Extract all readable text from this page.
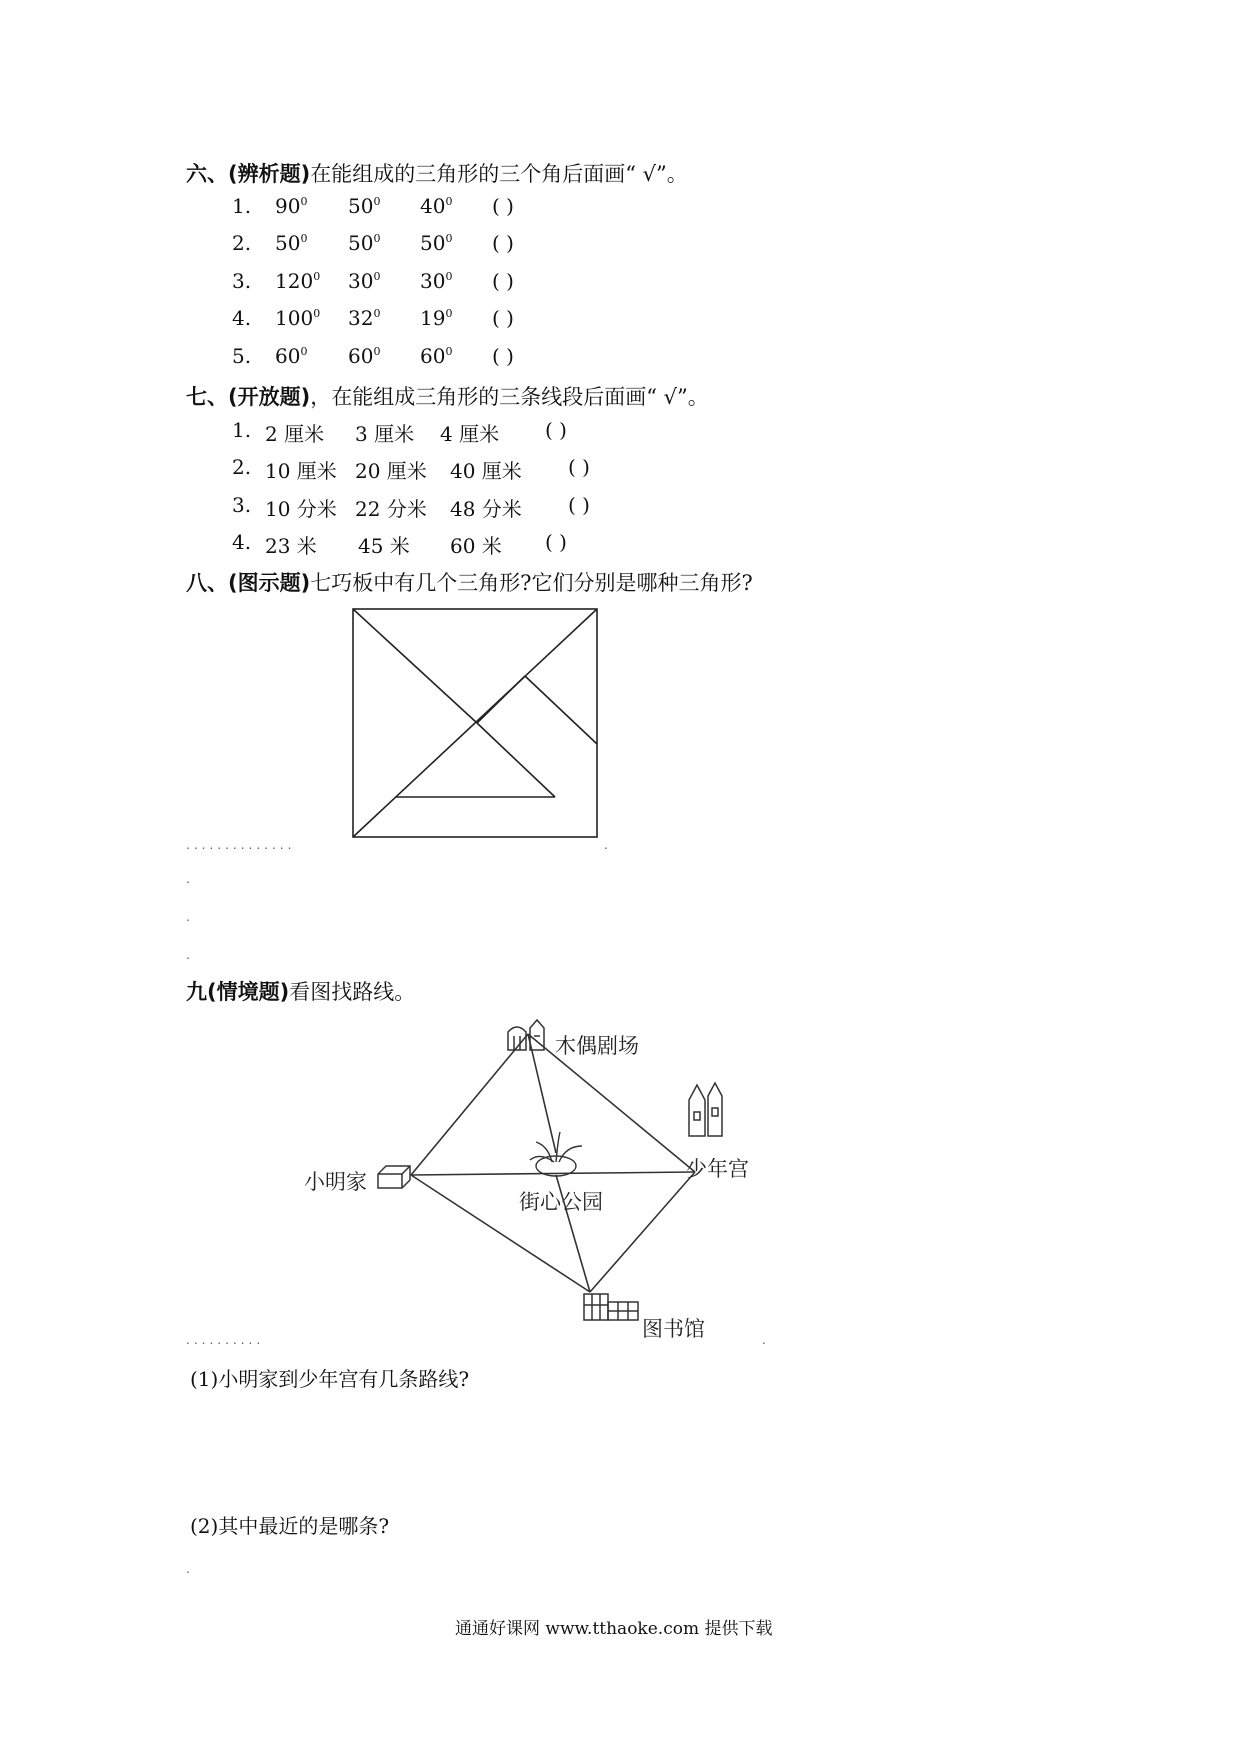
六、(辨析题)在能组成的三角形的三个角后面画“ √”。
1. $90^0$ $50^0$ $40^0$ ( )
2. $50^0$ $50^0$ $50^0$ ( )
3. $120^0$ $30^0$ $30^0$ ( )
4. $100^0$ $32^0$ $19^0$ ( )
5. $60^0$ $60^0$ $60^0$ ( )
七、(开放题)，在能组成三角形的三条线段后面画“ √”。
1. 2 厘米 3 厘米 4 厘米 ( )
2. 10 厘米 20 厘米 40 厘米 ( )
3. 10 分米 22 分米 48 分米 ( )
4. 23 米 45 米 60 米 ( )
八、(图示题)七巧板中有几个三角形?它们分别是哪种三角形?
..............	.
.
.
.
九(情境题)看图找路线。
木偶剧场
小明家
街心公园
少年宫
图书馆
..........	.
(1)小明家到少年宫有几条路线?
(2)其中最近的是哪条?
.
通通好课网 www.tthaoke.com 提供下载
